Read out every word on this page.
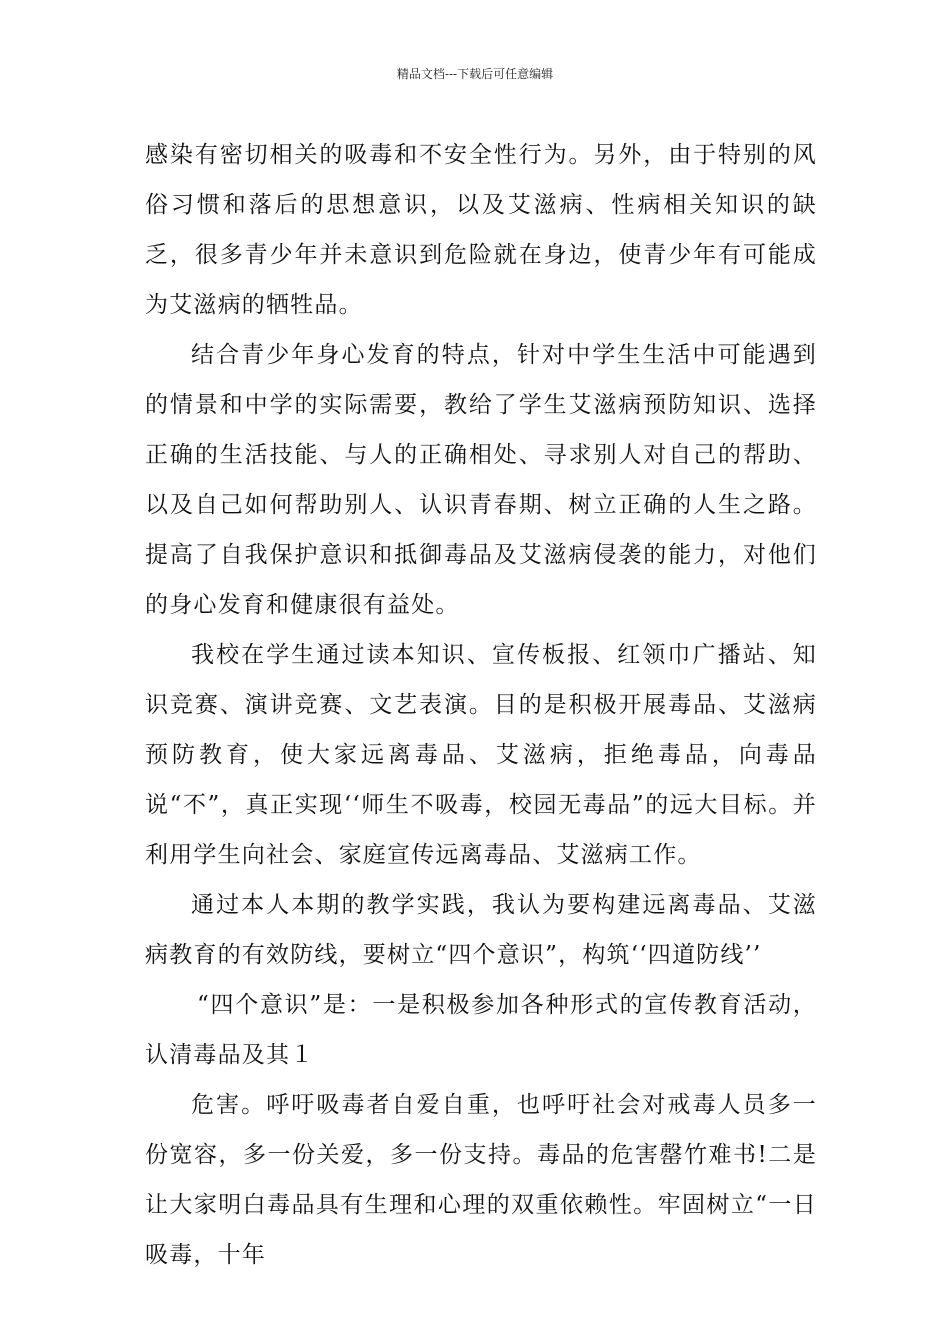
精品文档---下载后可任意编辑

感染有密切相关的吸毒和不安全性行为。另外，由于特别的风俗习惯和落后的思想意识，以及艾滋病、性病相关知识的缺乏，很多青少年并未意识到危险就在身边，使青少年有可能成为艾滋病的牺牲品。

结合青少年身心发育的特点，针对中学生生活中可能遇到的情景和中学的实际需要，教给了学生艾滋病预防知识、选择正确的生活技能、与人的正确相处、寻求别人对自己的帮助、以及自己如何帮助别人、认识青春期、树立正确的人生之路。提高了自我保护意识和抵御毒品及艾滋病侵袭的能力，对他们的身心发育和健康很有益处。

我校在学生通过读本知识、宣传板报、红领巾广播站、知识竞赛、演讲竞赛、文艺表演。目的是积极开展毒品、艾滋病预防教育，使大家远离毒品、艾滋病，拒绝毒品，向毒品说“不”，真正实现‘‘师生不吸毒，校园无毒品”的远大目标。并利用学生向社会、家庭宣传远离毒品、艾滋病工作。

通过本人本期的教学实践，我认为要构建远离毒品、艾滋病教育的有效防线，要树立“四个意识”，构筑‘‘四道防线’’

“四个意识”是：一是积极参加各种形式的宣传教育活动，认清毒品及其１

危害。呼吁吸毒者自爱自重，也呼吁社会对戒毒人员多一份宽容，多一份关爱，多一份支持。毒品的危害罄竹难书!二是让大家明白毒品具有生理和心理的双重依赖性。牢固树立“一日吸毒，十年
